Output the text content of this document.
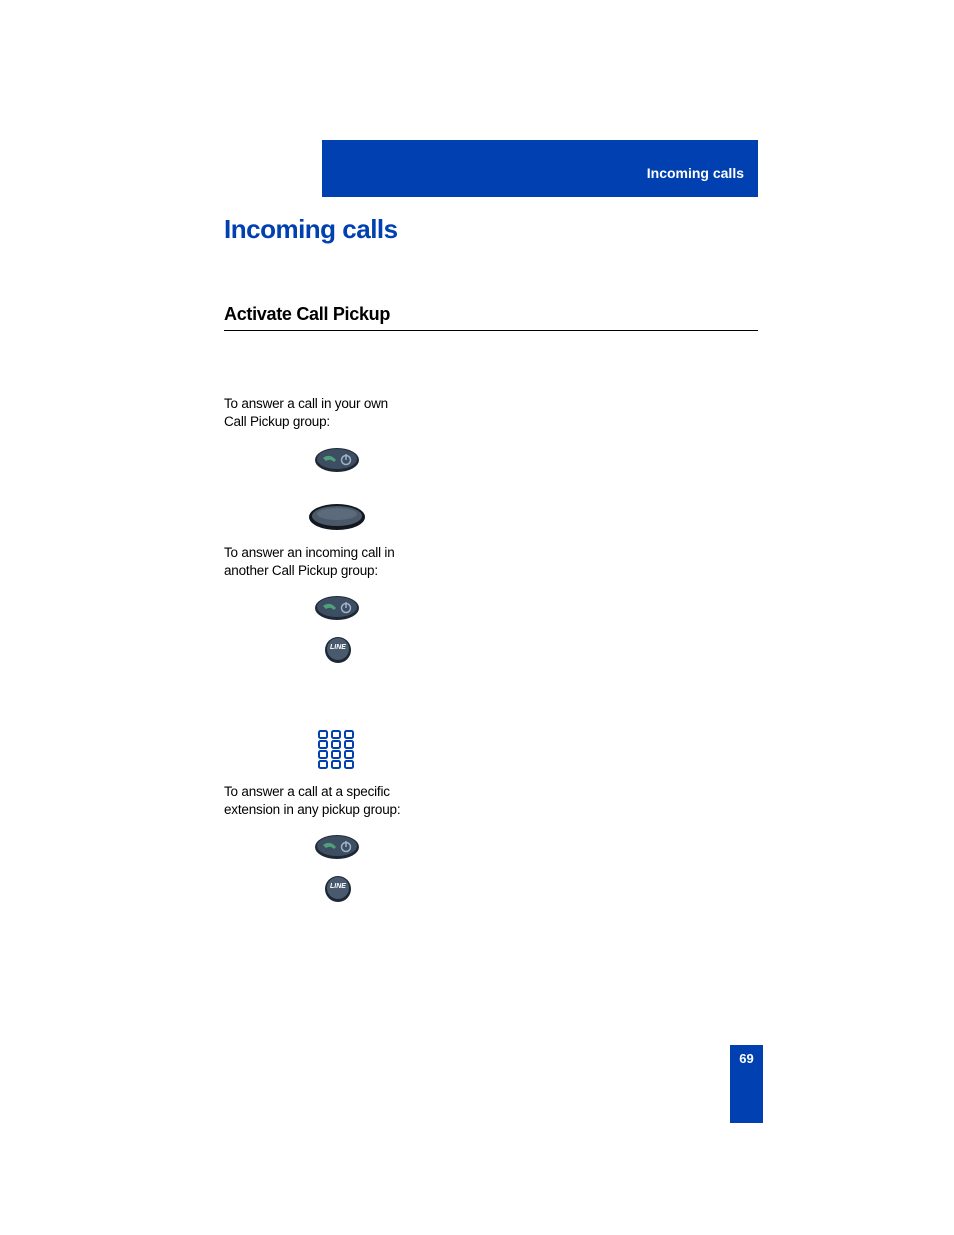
Incoming calls
Incoming calls
Activate Call Pickup

To answer a call in your own
Call Pickup group:

To answer an incoming call in
another Call Pickup group:

LINE

To answer a call at a specific
extension in any pickup group:

LINE
69
